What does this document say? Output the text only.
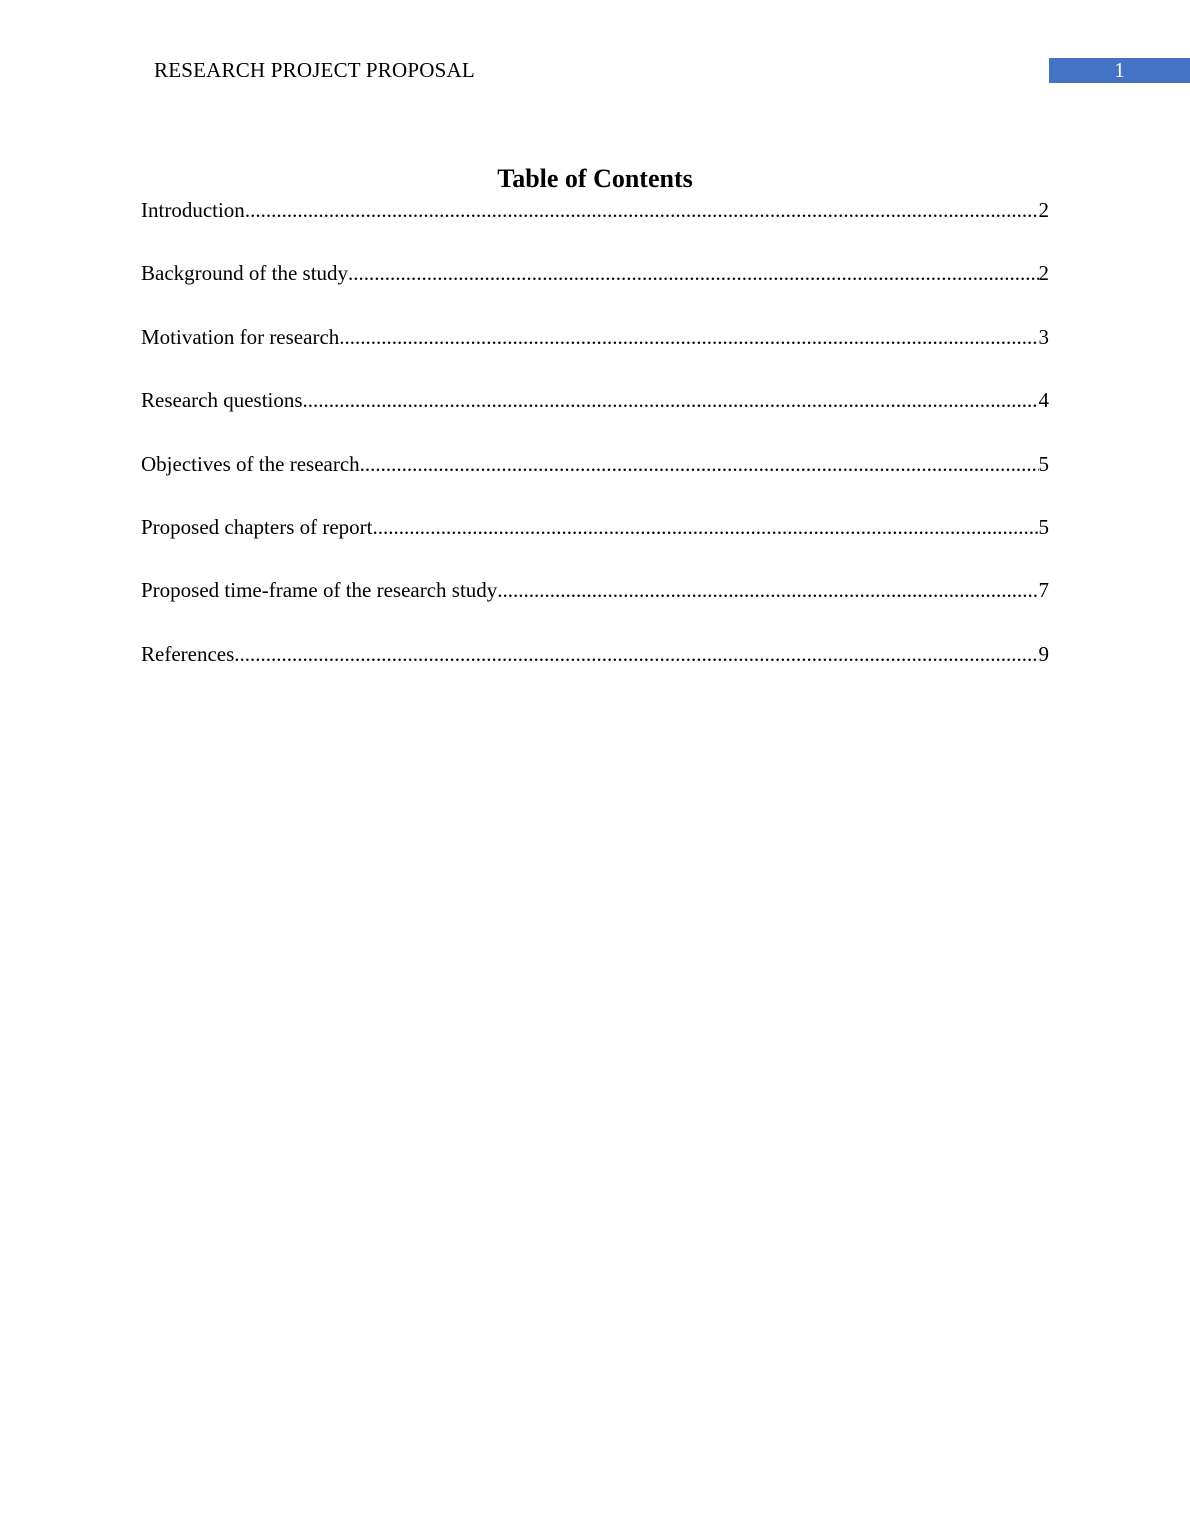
RESEARCH PROJECT PROPOSAL	1
Table of Contents
Introduction .....	2
Background of the study .....	2
Motivation for research .....	3
Research questions .....	4
Objectives of the research .....	5
Proposed chapters of report .....	5
Proposed time-frame of the research study .....	7
References .....	9
